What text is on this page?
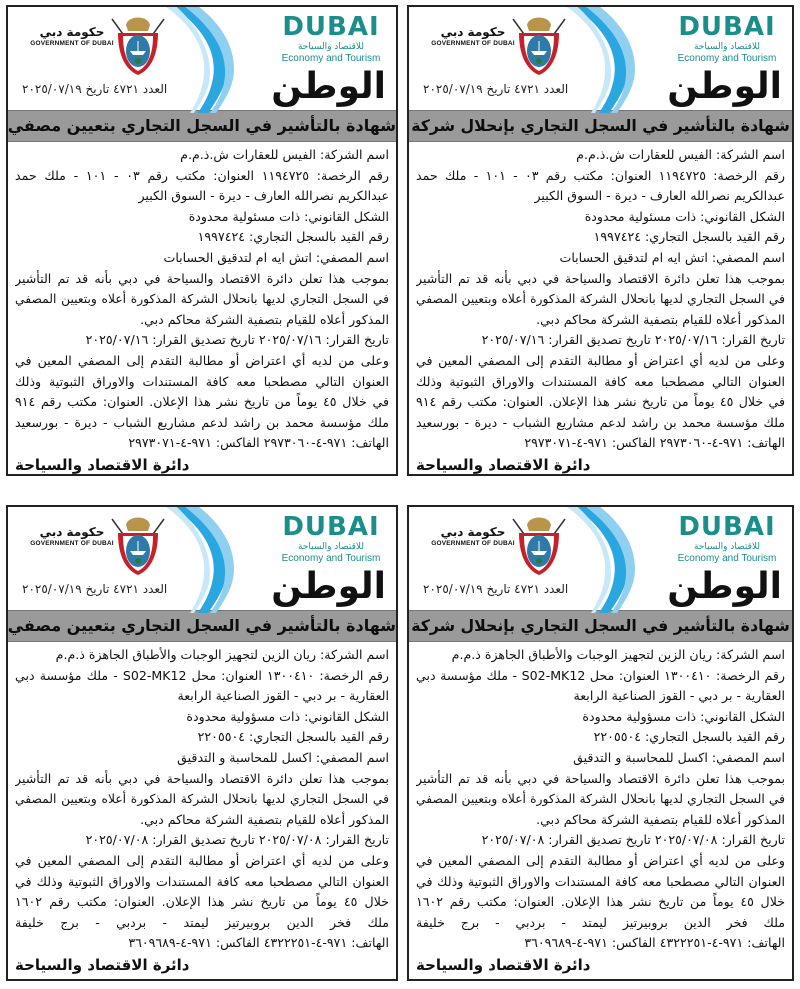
حكومة دبي
GOVERNMENT OF DUBAI
DUBAI
للاقتصاد والسياحة
Economy and Tourism
الوطن
العدد ٤٧٢١ تاريخ ٢٠٢٥/٠٧/١٩
شهادة بالتأشير في السجل التجاري بإنحلال شركة
اسم الشركة: الفيس للعقارات ش.ذ.م.م
رقم الرخصة: ١١٩٤٧٢٥ العنوان: مكتب رقم ٠٣ - ١٠١ - ملك حمد
عبدالكريم نصرالله العارف - ديرة - السوق الكبير
الشكل القانوني: ذات مسئولية محدودة
رقم القيد بالسجل التجاري: ١٩٩٧٤٢٤
اسم المصفي: اتش ايه ام لتدقيق الحسابات
بموجب هذا تعلن دائرة الاقتصاد والسياحة في دبي بأنه قد تم التأشير
في السجل التجاري لديها بانحلال الشركة المذكورة أعلاه وبتعيين المصفي
المذكور أعلاه للقيام بتصفية الشركة محاكم دبي.
تاريخ القرار: ٢٠٢٥/٠٧/١٦ تاريخ تصديق القرار: ٢٠٢٥/٠٧/١٦
وعلى من لديه أي اعتراض أو مطالبة التقدم إلى المصفي المعين في
العنوان التالي مصطحبا معه كافة المستندات والاوراق الثبوتية وذلك
في خلال ٤٥ يوماً من تاريخ نشر هذا الإعلان. العنوان: مكتب رقم ٩١٤
ملك مؤسسة محمد بن راشد لدعم مشاريع الشباب - ديرة - بورسعيد
الهاتف: ٩٧١-٤-٢٩٧٣٠٦٠ الفاكس: ٩٧١-٤-٢٩٧٣٠٧١
دائرة الاقتصاد والسياحة
حكومة دبي
GOVERNMENT OF DUBAI
DUBAI
للاقتصاد والسياحة
Economy and Tourism
الوطن
العدد ٤٧٢١ تاريخ ٢٠٢٥/٠٧/١٩
شهادة بالتأشير في السجل التجاري بتعيين مصفي
اسم الشركة: الفيس للعقارات ش.ذ.م.م
رقم الرخصة: ١١٩٤٧٢٥ العنوان: مكتب رقم ٠٣ - ١٠١ - ملك حمد
عبدالكريم نصرالله العارف - ديرة - السوق الكبير
الشكل القانوني: ذات مسئولية محدودة
رقم القيد بالسجل التجاري: ١٩٩٧٤٢٤
اسم المصفي: اتش ايه ام لتدقيق الحسابات
بموجب هذا تعلن دائرة الاقتصاد والسياحة في دبي بأنه قد تم التأشير
في السجل التجاري لديها بانحلال الشركة المذكورة أعلاه وبتعيين المصفي
المذكور أعلاه للقيام بتصفية الشركة محاكم دبي.
تاريخ القرار: ٢٠٢٥/٠٧/١٦ تاريخ تصديق القرار: ٢٠٢٥/٠٧/١٦
وعلى من لديه أي اعتراض أو مطالبة التقدم إلى المصفي المعين في
العنوان التالي مصطحبا معه كافة المستندات والاوراق الثبوتية وذلك
في خلال ٤٥ يوماً من تاريخ نشر هذا الإعلان. العنوان: مكتب رقم ٩١٤
ملك مؤسسة محمد بن راشد لدعم مشاريع الشباب - ديرة - بورسعيد
الهاتف: ٩٧١-٤-٢٩٧٣٠٦٠ الفاكس: ٩٧١-٤-٢٩٧٣٠٧١
دائرة الاقتصاد والسياحة
حكومة دبي
GOVERNMENT OF DUBAI
DUBAI
للاقتصاد والسياحة
Economy and Tourism
الوطن
العدد ٤٧٢١ تاريخ ٢٠٢٥/٠٧/١٩
شهادة بالتأشير في السجل التجاري بإنحلال شركة
اسم الشركة: ريان الزين لتجهيز الوجبات والأطباق الجاهزة ذ.م.م
رقم الرخصة: ١٣٠٠٤١٠ العنوان: محل S02-MK12 - ملك مؤسسة دبي
العقارية - بر دبي - القوز الصناعية الرابعة
الشكل القانوني: ذات مسؤولية محدودة
رقم القيد بالسجل التجاري: ٢٢٠٥٥٠٤
اسم المصفي: اكسل للمحاسبة و التدقيق
بموجب هذا تعلن دائرة الاقتصاد والسياحة في دبي بأنه قد تم التأشير
في السجل التجاري لديها بانحلال الشركة المذكورة أعلاه وبتعيين المصفي
المذكور أعلاه للقيام بتصفية الشركة محاكم دبي.
تاريخ القرار: ٢٠٢٥/٠٧/٠٨ تاريخ تصديق القرار: ٢٠٢٥/٠٧/٠٨
وعلى من لديه أي اعتراض أو مطالبة التقدم إلى المصفي المعين في
العنوان التالي مصطحبا معه كافة المستندات والاوراق الثبوتية وذلك في
خلال ٤٥ يوماً من تاريخ نشر هذا الإعلان. العنوان: مكتب رقم ١٦٠٢
ملك فخر الدين بروبيرتيز ليمتد - بردبي - برج خليفة
الهاتف: ٩٧١-٤-٤٣٢٢٢٥١ الفاكس: ٩٧١-٤-٣٦٠٩٦٨٩
دائرة الاقتصاد والسياحة
حكومة دبي
GOVERNMENT OF DUBAI
DUBAI
للاقتصاد والسياحة
Economy and Tourism
الوطن
العدد ٤٧٢١ تاريخ ٢٠٢٥/٠٧/١٩
شهادة بالتأشير في السجل التجاري بتعيين مصفي
اسم الشركة: ريان الزين لتجهيز الوجبات والأطباق الجاهزة ذ.م.م
رقم الرخصة: ١٣٠٠٤١٠ العنوان: محل S02-MK12 - ملك مؤسسة دبي
العقارية - بر دبي - القوز الصناعية الرابعة
الشكل القانوني: ذات مسؤولية محدودة
رقم القيد بالسجل التجاري: ٢٢٠٥٥٠٤
اسم المصفي: اكسل للمحاسبة و التدقيق
بموجب هذا تعلن دائرة الاقتصاد والسياحة في دبي بأنه قد تم التأشير
في السجل التجاري لديها بانحلال الشركة المذكورة أعلاه وبتعيين المصفي
المذكور أعلاه للقيام بتصفية الشركة محاكم دبي.
تاريخ القرار: ٢٠٢٥/٠٧/٠٨ تاريخ تصديق القرار: ٢٠٢٥/٠٧/٠٨
وعلى من لديه أي اعتراض أو مطالبة التقدم إلى المصفي المعين في
العنوان التالي مصطحبا معه كافة المستندات والاوراق الثبوتية وذلك في
خلال ٤٥ يوماً من تاريخ نشر هذا الإعلان. العنوان: مكتب رقم ١٦٠٢
ملك فخر الدين بروبيرتيز ليمتد - بردبي - برج خليفة
الهاتف: ٩٧١-٤-٤٣٢٢٢٥١ الفاكس: ٩٧١-٤-٣٦٠٩٦٨٩
دائرة الاقتصاد والسياحة
